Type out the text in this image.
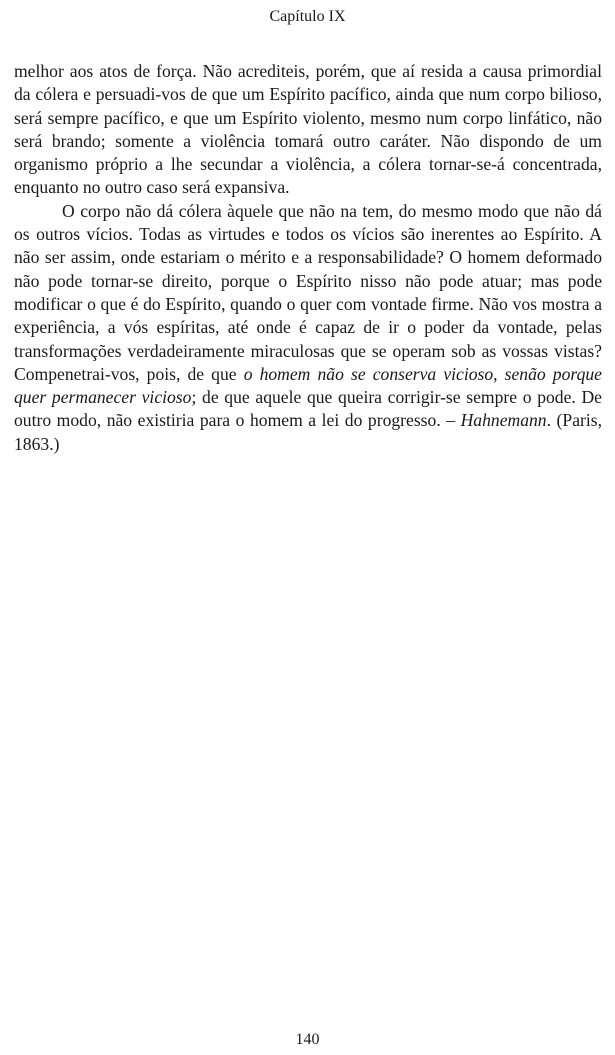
Capítulo IX

melhor aos atos de força. Não acrediteis, porém, que aí resida a causa primordial da cólera e persuadi-vos de que um Espírito pacífico, ainda que num corpo bilioso, será sempre pacífico, e que um Espírito violento, mesmo num corpo linfático, não será brando; somente a violência tomará outro caráter. Não dispondo de um organismo próprio a lhe secundar a violência, a cólera tornar-se-á concentrada, enquanto no outro caso será expansiva.

O corpo não dá cólera àquele que não na tem, do mesmo modo que não dá os outros vícios. Todas as virtudes e todos os vícios são inerentes ao Espírito. A não ser assim, onde estariam o mérito e a responsabilidade? O homem deformado não pode tornar-se direito, porque o Espírito nisso não pode atuar; mas pode modificar o que é do Espírito, quando o quer com vontade firme. Não vos mostra a experiência, a vós espíritas, até onde é capaz de ir o poder da vontade, pelas transformações verdadeiramente miraculosas que se operam sob as vossas vistas? Compenetrai-vos, pois, de que o homem não se conserva vicioso, senão porque quer permanecer vicioso; de que aquele que queira corrigir-se sempre o pode. De outro modo, não existiria para o homem a lei do progresso. – Hahnemann. (Paris, 1863.)

140
